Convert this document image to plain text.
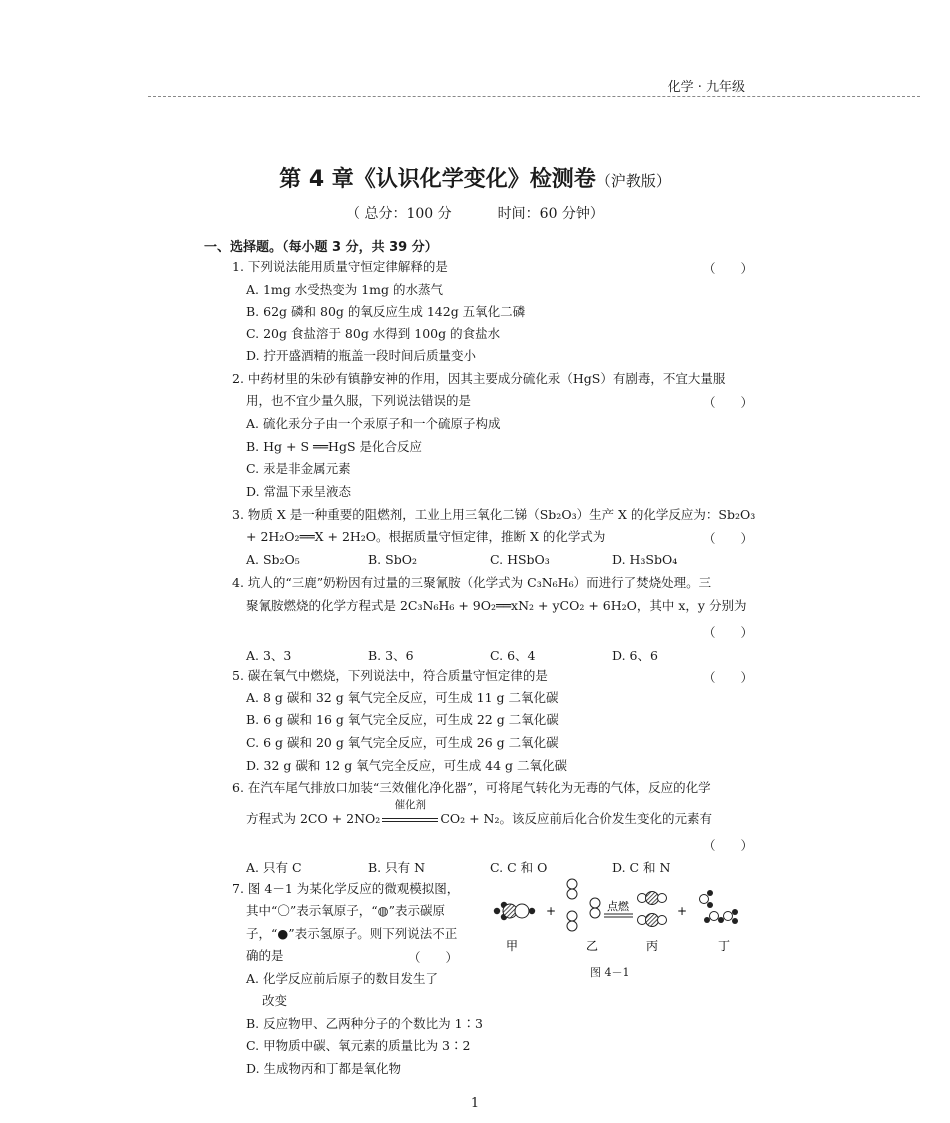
化学 · 九年级
第 4 章《认识化学变化》检测卷（沪教版）
（ 总分：100 分	时间：60 分钟）
一、选择题。（每小题 3 分，共 39 分）
1. 下列说法能用质量守恒定律解释的是	（　　）
A. 1mg 水受热变为 1mg 的水蒸气
B. 62g 磷和 80g 的氧反应生成 142g 五氧化二磷
C. 20g 食盐溶于 80g 水得到 100g 的食盐水
D. 拧开盛酒精的瓶盖一段时间后质量变小
2. 中药材里的朱砂有镇静安神的作用，因其主要成分硫化汞（HgS）有剧毒，不宜大量服
用，也不宜少量久服，下列说法错误的是	（　　）
A. 硫化汞分子由一个汞原子和一个硫原子构成
B. Hg + S ══HgS 是化合反应
C. 汞是非金属元素
D. 常温下汞呈液态
3. 物质 X 是一种重要的阻燃剂，工业上用三氧化二锑（Sb₂O₃）生产 X 的化学反应为：Sb₂O₃
+ 2H₂O₂══X + 2H₂O。根据质量守恒定律，推断 X 的化学式为	（　　）
A. Sb₂O₅	B. SbO₂	C. HSbO₃	D. H₃SbO₄
4. 坑人的“三鹿”奶粉因有过量的三聚氰胺（化学式为 C₃N₆H₆）而进行了焚烧处理。三
聚氰胺燃烧的化学方程式是 2C₃N₆H₆ + 9O₂══xN₂ + yCO₂ + 6H₂O，其中 x，y 分别为
（　　）
A. 3、3	B. 3、6	C. 6、4	D. 6、6
5. 碳在氧气中燃烧，下列说法中，符合质量守恒定律的是	（　　）
A. 8 g 碳和 32 g 氧气完全反应，可生成 11 g 二氧化碳
B. 6 g 碳和 16 g 氧气完全反应，可生成 22 g 二氧化碳
C. 6 g 碳和 20 g 氧气完全反应，可生成 26 g 二氧化碳
D. 32 g 碳和 12 g 氧气完全反应，可生成 44 g 二氧化碳
6. 在汽车尾气排放口加装“三效催化净化器”，可将尾气转化为无毒的气体，反应的化学
方程式为 2CO + 2NO₂
催化剂
CO₂ + N₂。该反应前后化合价发生变化的元素有
（　　）
A. 只有 C	B. 只有 N	C. C 和 O	D. C 和 N
7. 图 4－1 为某化学反应的微观模拟图，
其中“〇”表示氧原子，“◍”表示碳原
子，“●”表示氢原子。则下列说法不正
确的是	（　　）
A. 化学反应前后原子的数目发生了
改变
B. 反应物甲、乙两种分子的个数比为 1∶3
C. 甲物质中碳、氧元素的质量比为 3∶2
D. 生成物丙和丁都是氧化物
+	点燃	+
甲	乙	丙	丁
图 4－1
1
